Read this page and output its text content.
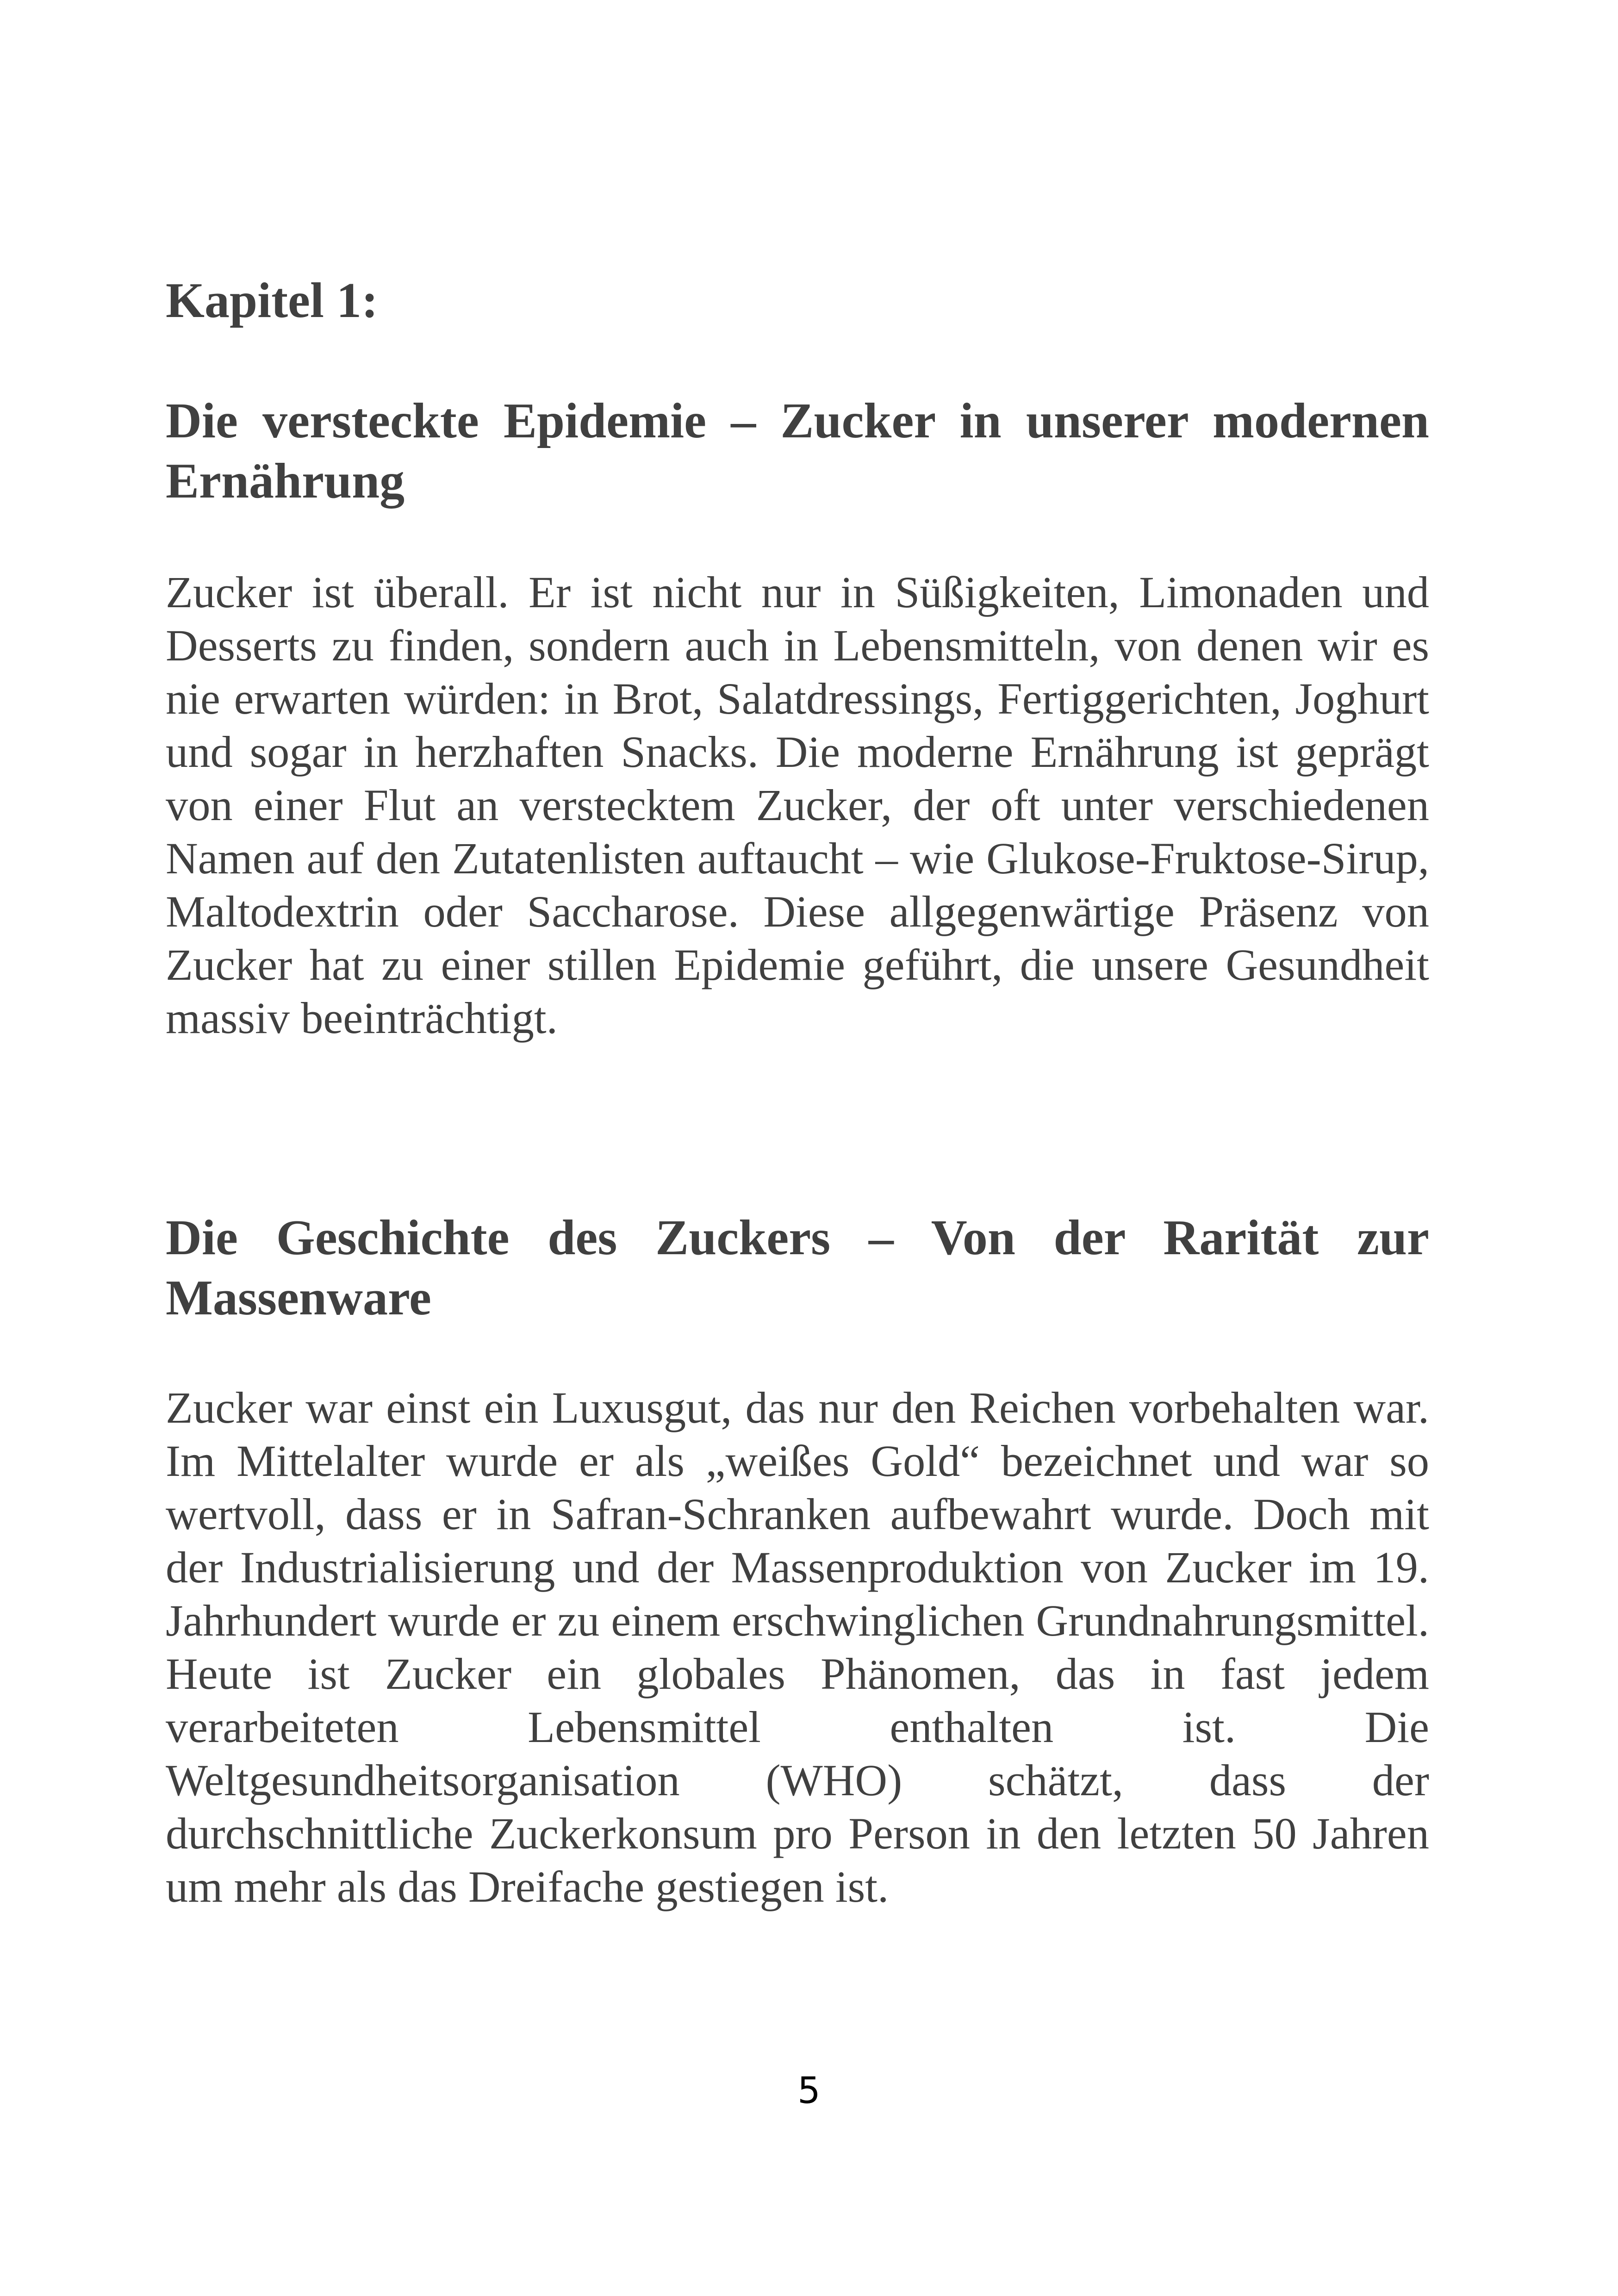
Kapitel 1:
Die versteckte Epidemie – Zucker in unserer modernen Ernährung

Zucker ist überall. Er ist nicht nur in Süßigkeiten, Limonaden und Desserts zu finden, sondern auch in Lebensmitteln, von denen wir es nie erwarten würden: in Brot, Salatdressings, Fertiggerichten, Joghurt und sogar in herzhaften Snacks. Die moderne Ernährung ist geprägt von einer Flut an verstecktem Zucker, der oft unter verschiedenen Namen auf den Zutatenlisten auftaucht – wie Glukose-Fruktose-Sirup, Maltodextrin oder Saccharose. Diese allgegenwärtige Präsenz von Zucker hat zu einer stillen Epidemie geführt, die unsere Gesundheit massiv beeinträchtigt.

Die Geschichte des Zuckers – Von der Rarität zur Massenware

Zucker war einst ein Luxusgut, das nur den Reichen vorbehalten war. Im Mittelalter wurde er als „weißes Gold“ bezeichnet und war so wertvoll, dass er in Safran-Schranken aufbewahrt wurde. Doch mit der Industrialisierung und der Massenproduktion von Zucker im 19. Jahrhundert wurde er zu einem erschwinglichen Grundnahrungsmittel. Heute ist Zucker ein globales Phänomen, das in fast jedem verarbeiteten Lebensmittel enthalten ist. Die Weltgesundheitsorganisation (WHO) schätzt, dass der durchschnittliche Zuckerkonsum pro Person in den letzten 50 Jahren um mehr als das Dreifache gestiegen ist.

5
